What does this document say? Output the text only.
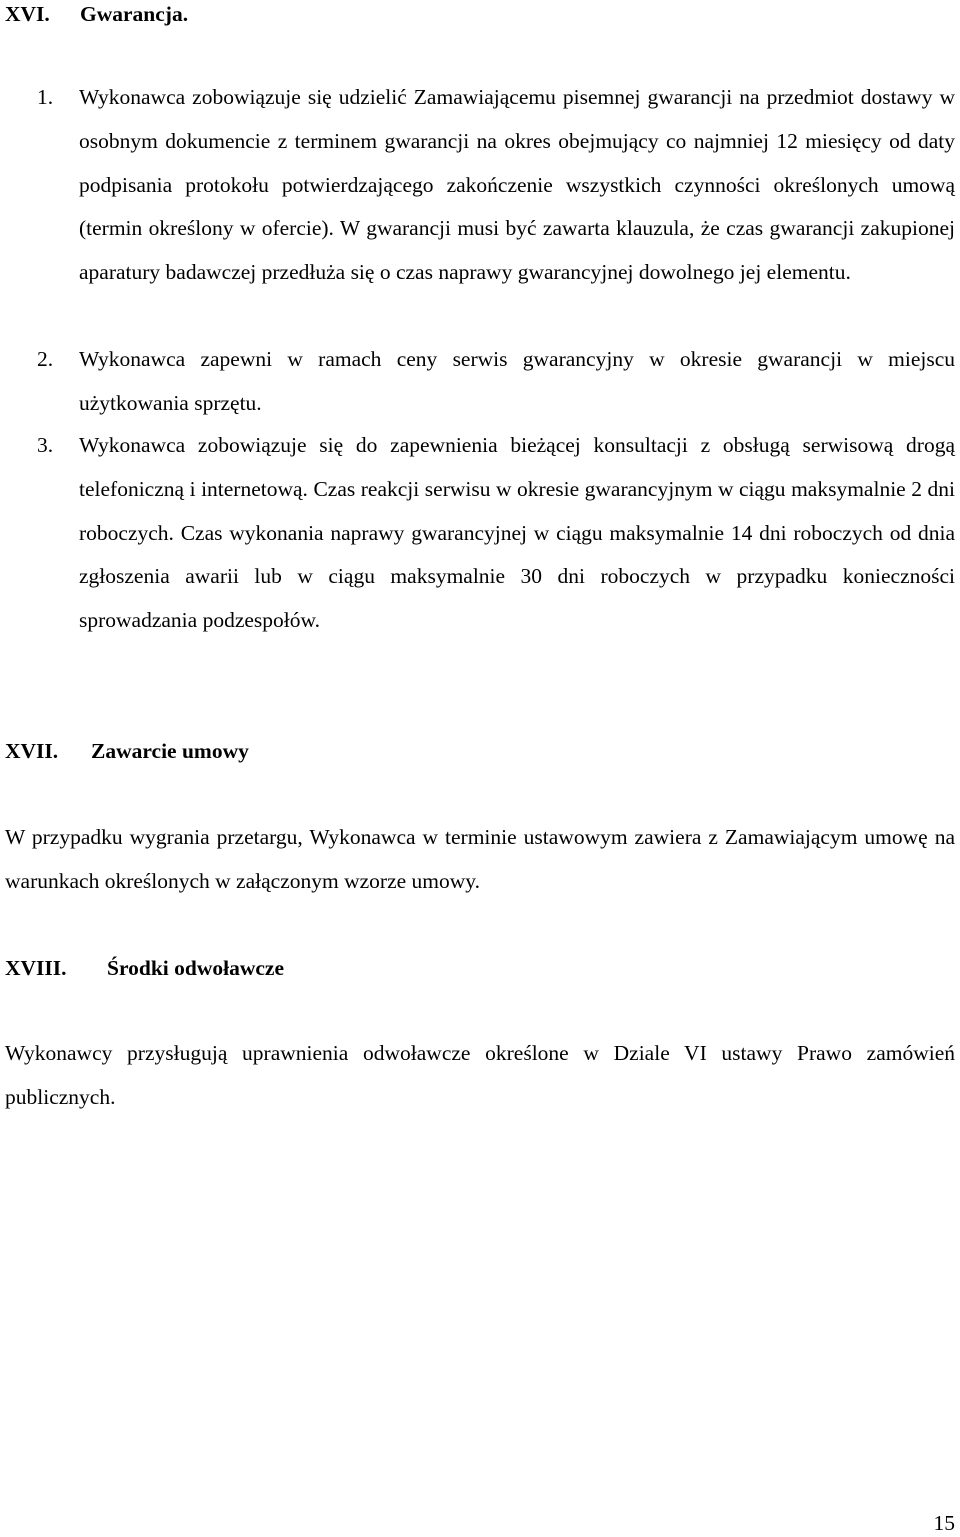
XVI. Gwarancja.
1. Wykonawca zobowiązuje się udzielić Zamawiającemu pisemnej gwarancji na przedmiot dostawy w osobnym dokumencie z terminem gwarancji na okres obejmujący co najmniej 12 miesięcy od daty podpisania protokołu potwierdzającego zakończenie wszystkich czynności określonych umową (termin określony w ofercie). W gwarancji musi być zawarta klauzula, że czas gwarancji zakupionej aparatury badawczej przedłuża się o czas naprawy gwarancyjnej dowolnego jej elementu.
2. Wykonawca zapewni w ramach ceny serwis gwarancyjny w okresie gwarancji w miejscu użytkowania sprzętu.
3. Wykonawca zobowiązuje się do zapewnienia bieżącej konsultacji z obsługą serwisową drogą telefoniczną i internetową. Czas reakcji serwisu w okresie gwarancyjnym w ciągu maksymalnie 2 dni roboczych. Czas wykonania naprawy gwarancyjnej w ciągu maksymalnie 14 dni roboczych od dnia zgłoszenia awarii lub w ciągu maksymalnie 30 dni roboczych w przypadku konieczności sprowadzania podzespołów.
XVII. Zawarcie umowy

W przypadku wygrania przetargu, Wykonawca w terminie ustawowym zawiera z Zamawiającym umowę na warunkach określonych w załączonym wzorze umowy.

XVIII. Środki odwoławcze

Wykonawcy przysługują uprawnienia odwoławcze określone w Dziale VI ustawy Prawo zamówień publicznych.

15
